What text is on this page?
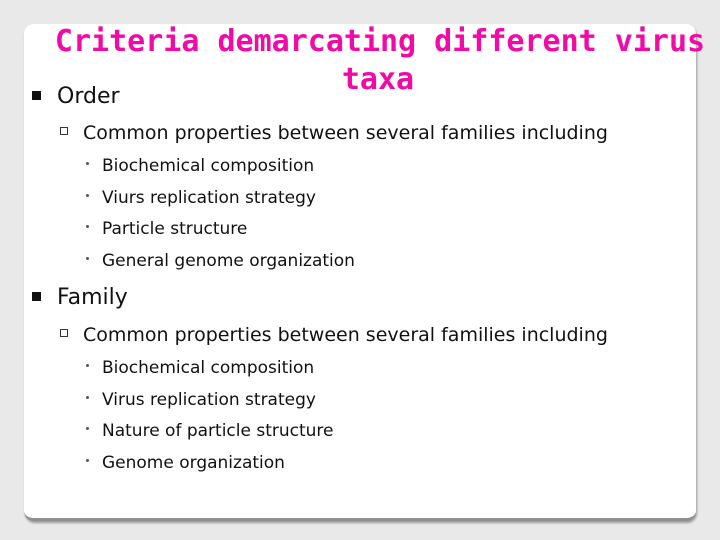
Criteria demarcating different virus
taxa
Order
Common properties between several families including
Biochemical composition
Viurs replication strategy
Particle structure
General genome organization
Family
Common properties between several families including
Biochemical composition
Virus replication strategy
Nature of particle structure
Genome organization
